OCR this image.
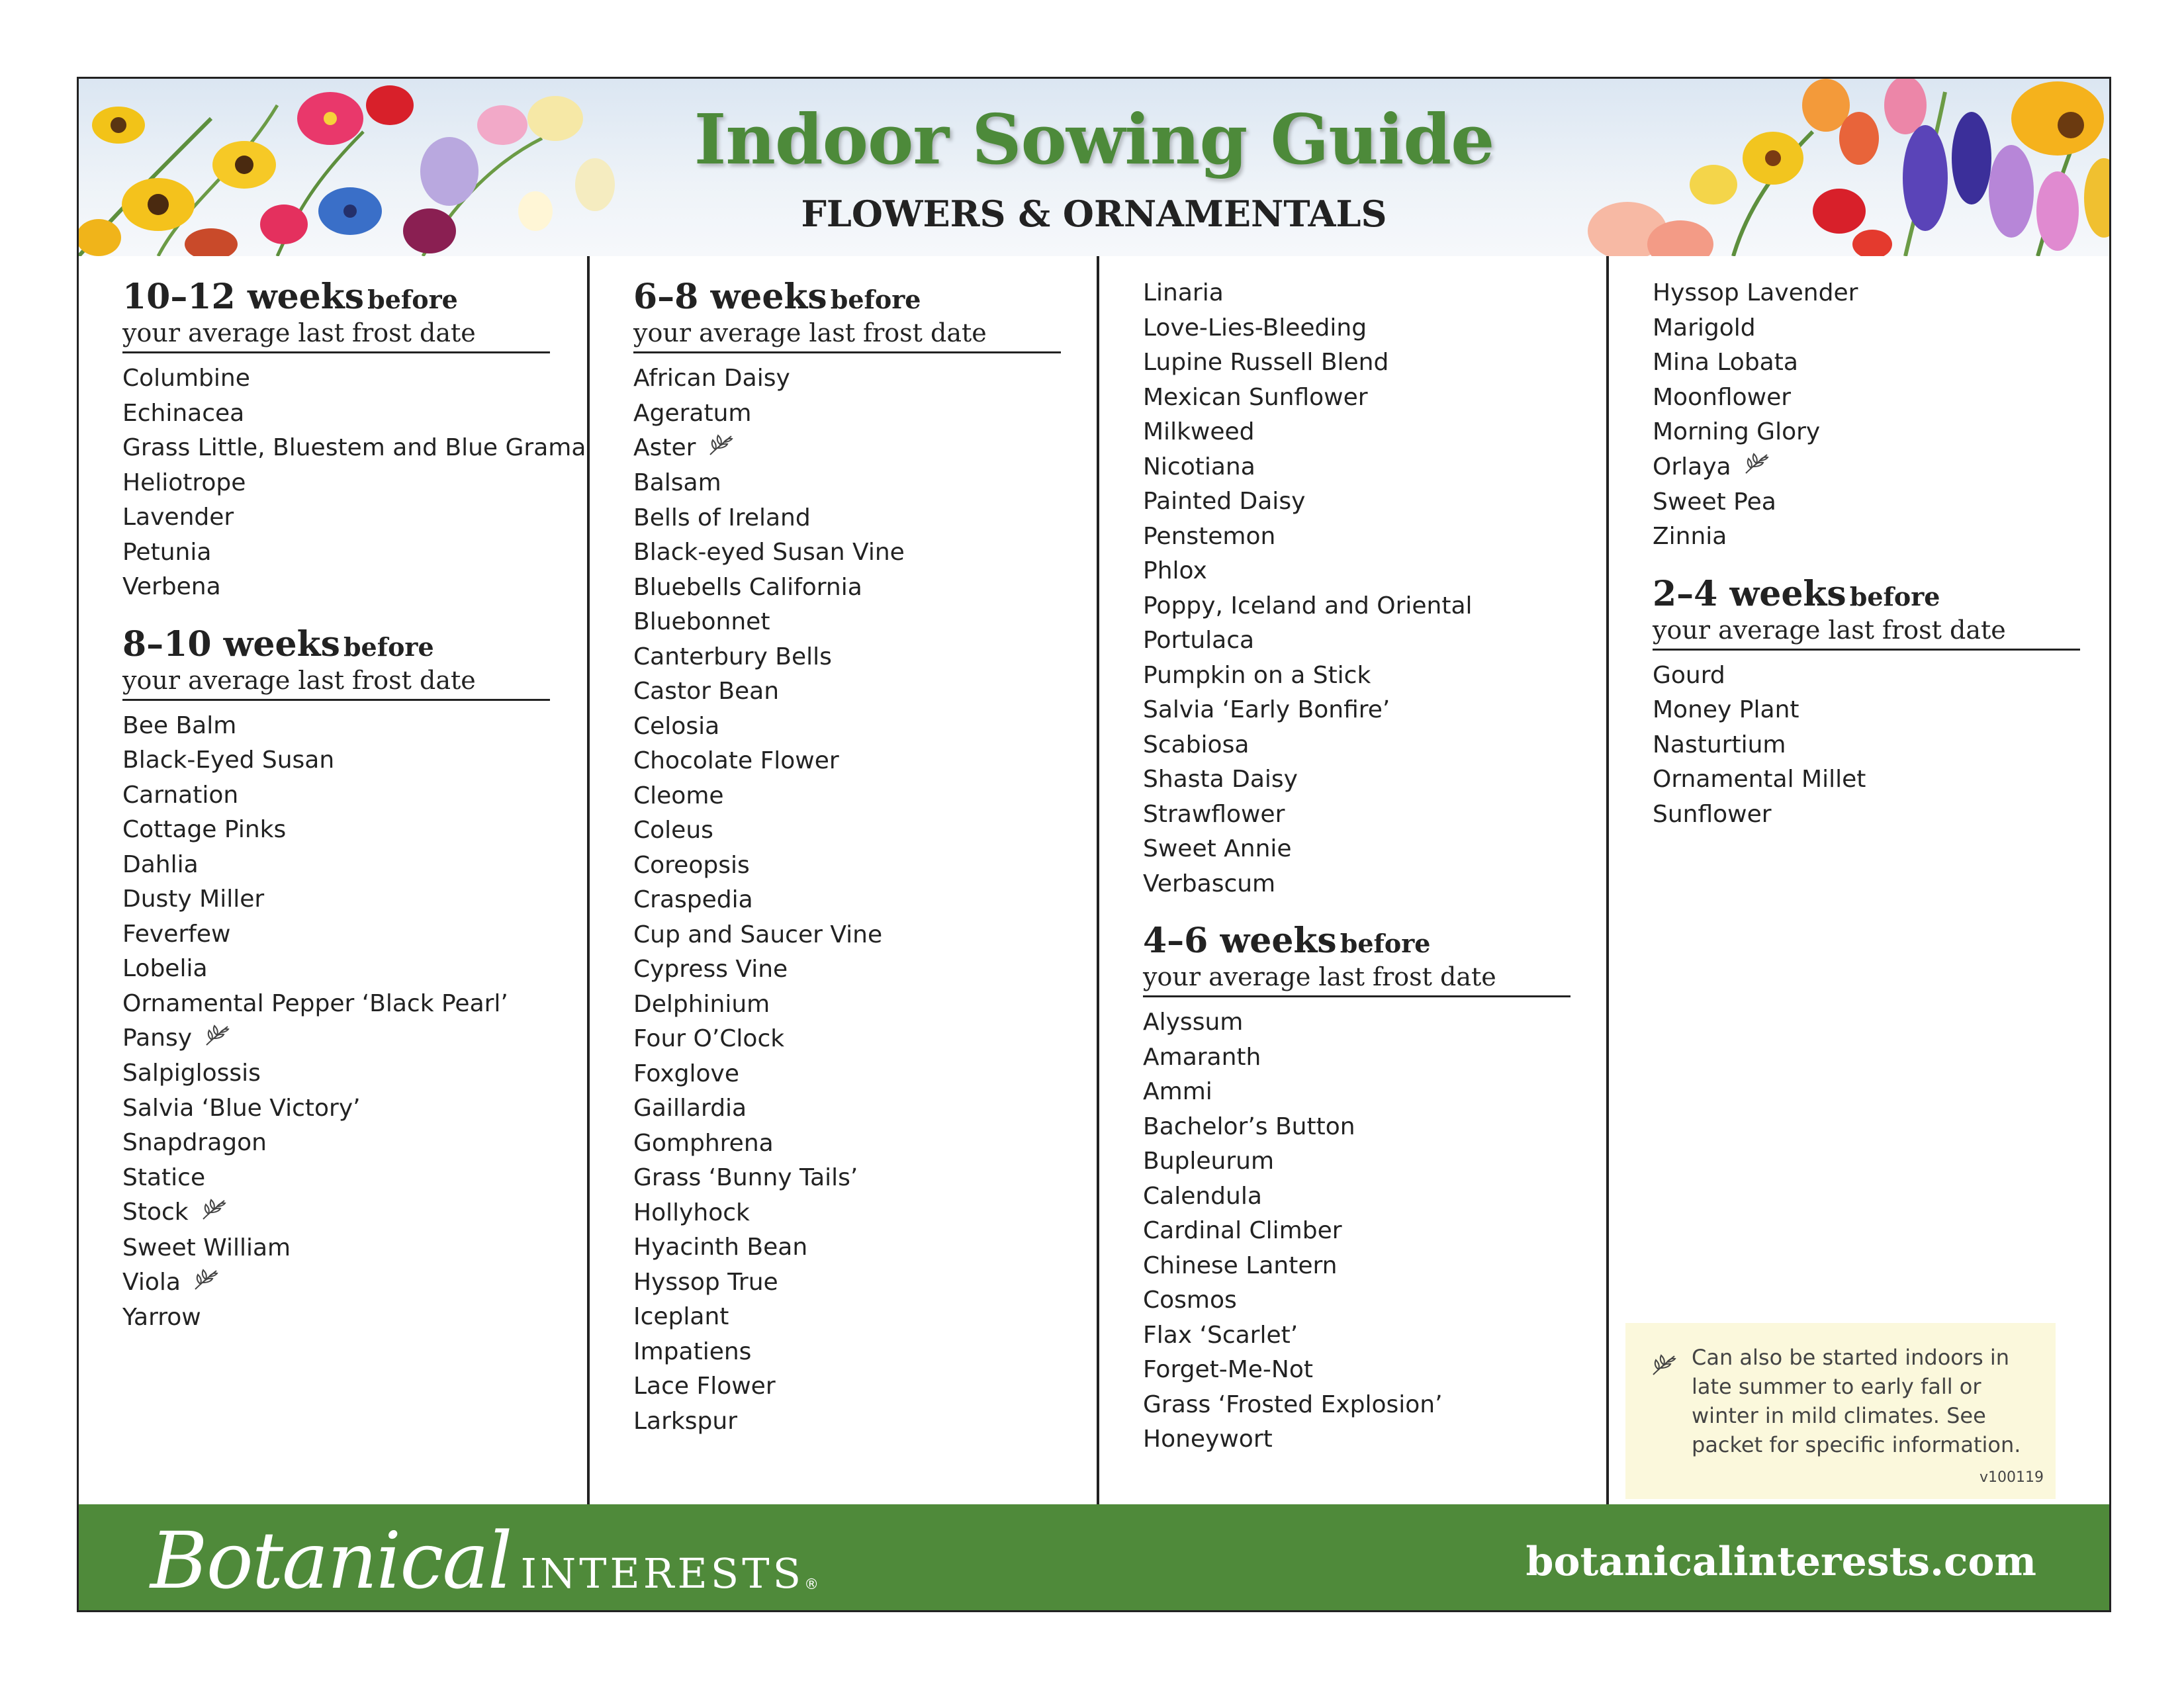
Indoor Sowing Guide
FLOWERS & ORNAMENTALS
10–12 weeks before
your average last frost date
Columbine
Echinacea
Grass Little, Bluestem and Blue Grama
Heliotrope
Lavender
Petunia
Verbena
8–10 weeks before
your average last frost date
Bee Balm
Black-Eyed Susan
Carnation
Cottage Pinks
Dahlia
Dusty Miller
Feverfew
Lobelia
Ornamental Pepper ‘Black Pearl’
Pansy
Salpiglossis
Salvia ‘Blue Victory’
Snapdragon
Statice
Stock
Sweet William
Viola
Yarrow
6–8 weeks before
your average last frost date
African Daisy
Ageratum
Aster
Balsam
Bells of Ireland
Black-eyed Susan Vine
Bluebells California
Bluebonnet
Canterbury Bells
Castor Bean
Celosia
Chocolate Flower
Cleome
Coleus
Coreopsis
Craspedia
Cup and Saucer Vine
Cypress Vine
Delphinium
Four O’Clock
Foxglove
Gaillardia
Gomphrena
Grass ‘Bunny Tails’
Hollyhock
Hyacinth Bean
Hyssop True
Iceplant
Impatiens
Lace Flower
Larkspur
Linaria
Love-Lies-Bleeding
Lupine Russell Blend
Mexican Sunflower
Milkweed
Nicotiana
Painted Daisy
Penstemon
Phlox
Poppy, Iceland and Oriental
Portulaca
Pumpkin on a Stick
Salvia ‘Early Bonfire’
Scabiosa
Shasta Daisy
Strawflower
Sweet Annie
Verbascum
4–6 weeks before
your average last frost date
Alyssum
Amaranth
Ammi
Bachelor’s Button
Bupleurum
Calendula
Cardinal Climber
Chinese Lantern
Cosmos
Flax ‘Scarlet’
Forget-Me-Not
Grass ‘Frosted Explosion’
Honeywort
Hyssop Lavender
Marigold
Mina Lobata
Moonflower
Morning Glory
Orlaya
Sweet Pea
Zinnia
2–4 weeks before
your average last frost date
Gourd
Money Plant
Nasturtium
Ornamental Millet
Sunflower
Can also be started indoors in late summer to early fall or winter in mild climates. See packet for specific information.
v100119
Botanical INTERESTS®	botanicalinterests.com
